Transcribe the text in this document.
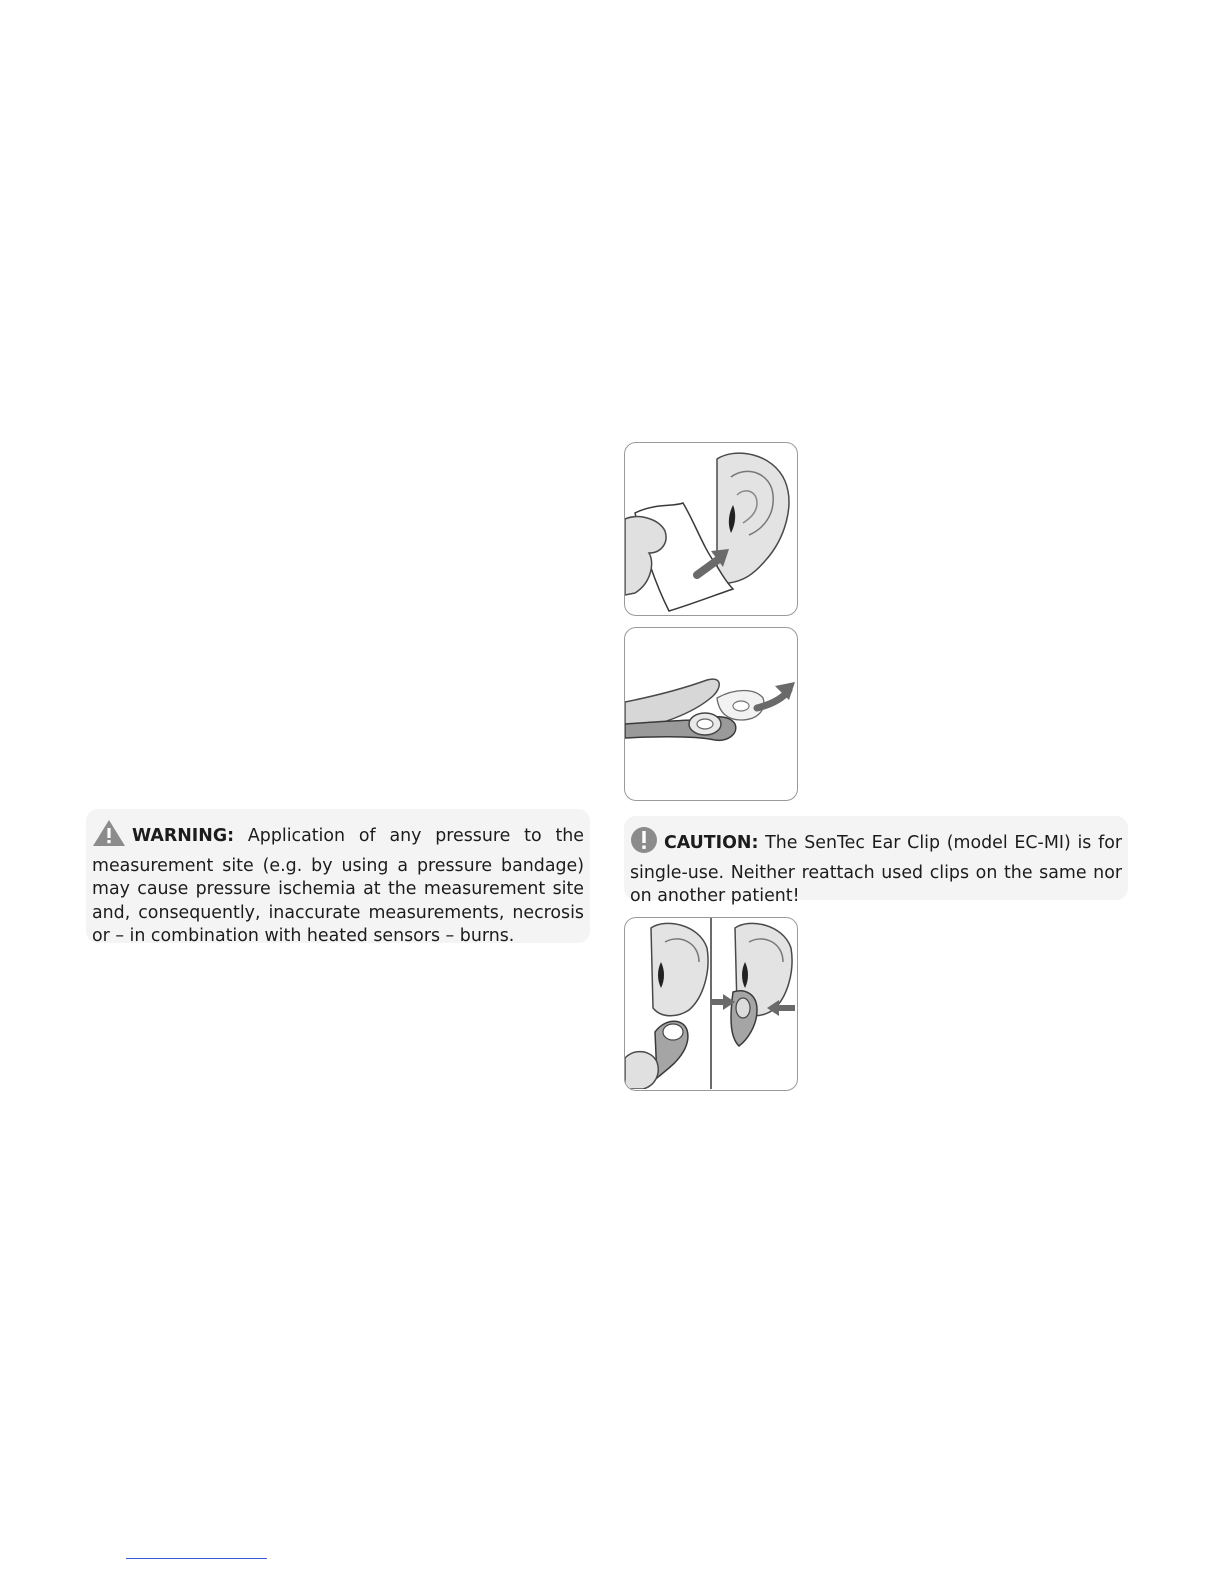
WARNING: Application of any pressure to the measurement site (e.g. by using a pressure bandage) may cause pressure ischemia at the measurement site and, consequently, inaccurate measurements, necrosis or – in combination with heated sensors – burns.

CAUTION: The SenTec Ear Clip (model EC-MI) is for single-use. Neither reattach used clips on the same nor on another patient!
